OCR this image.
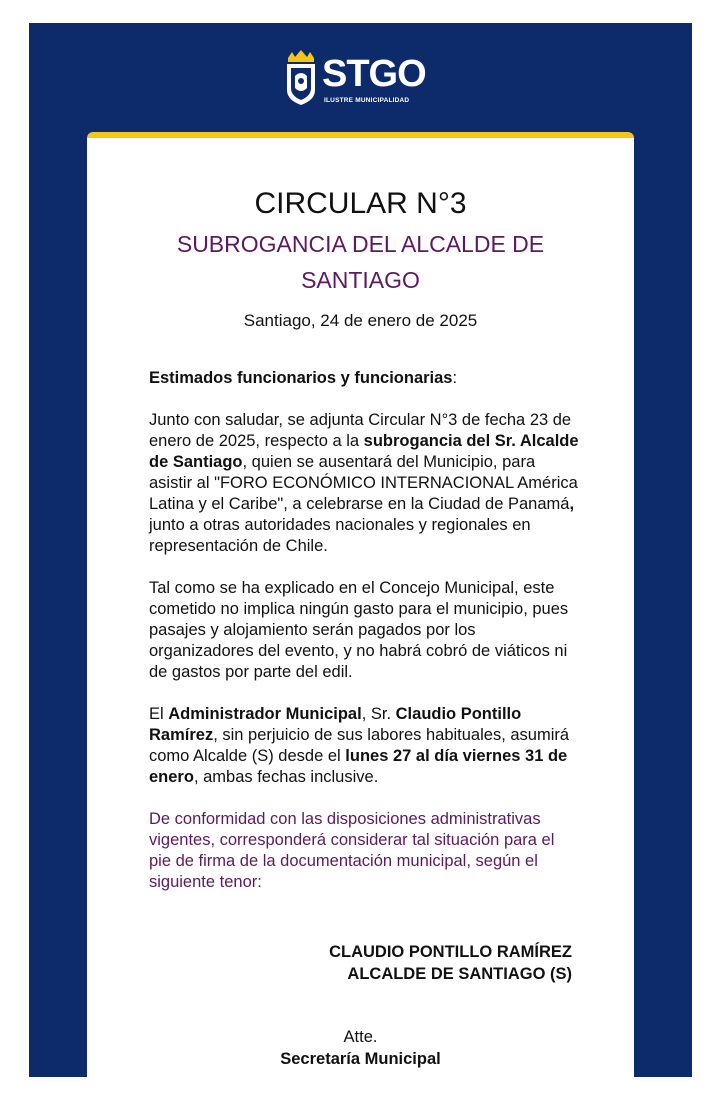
STGO
ILUSTRE MUNICIPALIDAD
CIRCULAR N°3
SUBROGANCIA DEL ALCALDE DE SANTIAGO
Santiago, 24 de enero de 2025

Estimados funcionarios y funcionarias:

Junto con saludar, se adjunta Circular N°3 de fecha 23 de enero de 2025, respecto a la subrogancia del Sr. Alcalde de Santiago, quien se ausentará del Municipio, para asistir al "FORO ECONÓMICO INTERNACIONAL América Latina y el Caribe", a celebrarse en la Ciudad de Panamá, junto a otras autoridades nacionales y regionales en representación de Chile.

Tal como se ha explicado en el Concejo Municipal, este cometido no implica ningún gasto para el municipio, pues pasajes y alojamiento serán pagados por los organizadores del evento, y no habrá cobró de viáticos ni de gastos por parte del edil.

El Administrador Municipal, Sr. Claudio Pontillo Ramírez, sin perjuicio de sus labores habituales, asumirá como Alcalde (S) desde el lunes 27 al día viernes 31 de enero, ambas fechas inclusive.

De conformidad con las disposiciones administrativas vigentes, corresponderá considerar tal situación para el pie de firma de la documentación municipal, según el siguiente tenor:

CLAUDIO PONTILLO RAMÍREZ
ALCALDE DE SANTIAGO (S)
Atte.
Secretaría Municipal
